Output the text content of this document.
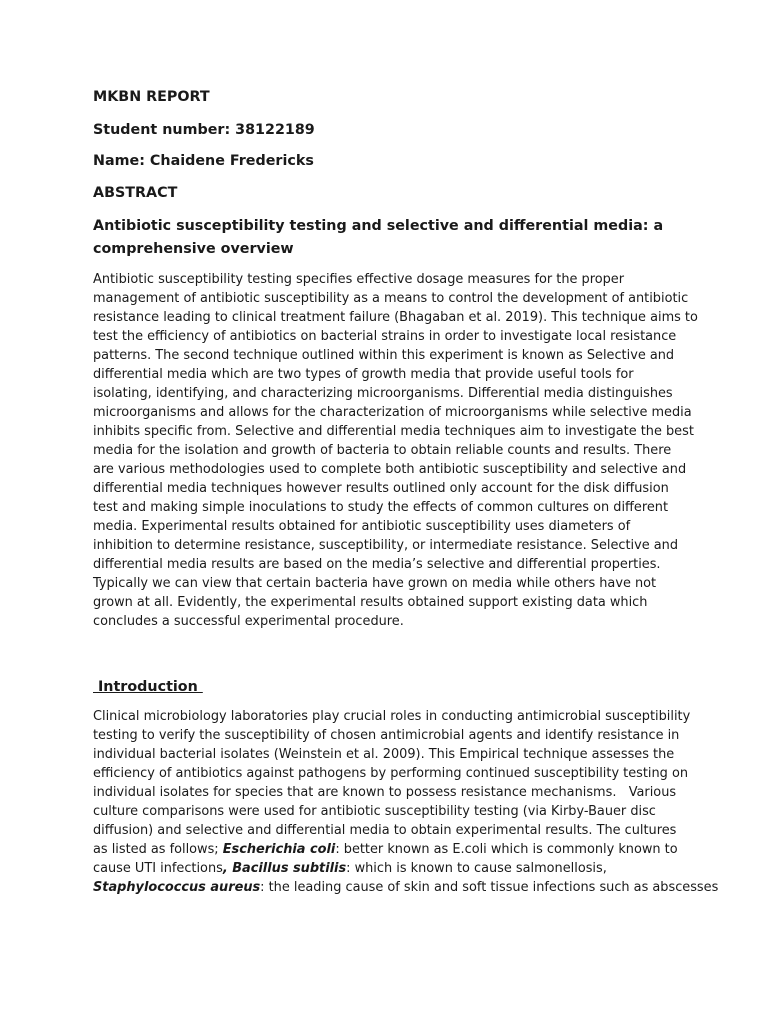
MKBN REPORT
Student number: 38122189
Name: Chaidene Fredericks
ABSTRACT
Antibiotic susceptibility testing and selective and differential media: a
comprehensive overview
Antibiotic susceptibility testing specifies effective dosage measures for the proper
management of antibiotic susceptibility as a means to control the development of antibiotic
resistance leading to clinical treatment failure (Bhagaban et al. 2019). This technique aims to
test the efficiency of antibiotics on bacterial strains in order to investigate local resistance
patterns. The second technique outlined within this experiment is known as Selective and
differential media which are two types of growth media that provide useful tools for
isolating, identifying, and characterizing microorganisms. Differential media distinguishes
microorganisms and allows for the characterization of microorganisms while selective media
inhibits specific from. Selective and differential media techniques aim to investigate the best
media for the isolation and growth of bacteria to obtain reliable counts and results. There
are various methodologies used to complete both antibiotic susceptibility and selective and
differential media techniques however results outlined only account for the disk diffusion
test and making simple inoculations to study the effects of common cultures on different
media. Experimental results obtained for antibiotic susceptibility uses diameters of
inhibition to determine resistance, susceptibility, or intermediate resistance. Selective and
differential media results are based on the media’s selective and differential properties.
Typically we can view that certain bacteria have grown on media while others have not
grown at all. Evidently, the experimental results obtained support existing data which
concludes a successful experimental procedure.
Introduction
Clinical microbiology laboratories play crucial roles in conducting antimicrobial susceptibility
testing to verify the susceptibility of chosen antimicrobial agents and identify resistance in
individual bacterial isolates (Weinstein et al. 2009). This Empirical technique assesses the
efficiency of antibiotics against pathogens by performing continued susceptibility testing on
individual isolates for species that are known to possess resistance mechanisms.   Various
culture comparisons were used for antibiotic susceptibility testing (via Kirby-Bauer disc
diffusion) and selective and differential media to obtain experimental results. The cultures
as listed as follows; Escherichia coli: better known as E.coli which is commonly known to
cause UTI infections, Bacillus subtilis: which is known to cause salmonellosis,
Staphylococcus aureus: the leading cause of skin and soft tissue infections such as abscesses
